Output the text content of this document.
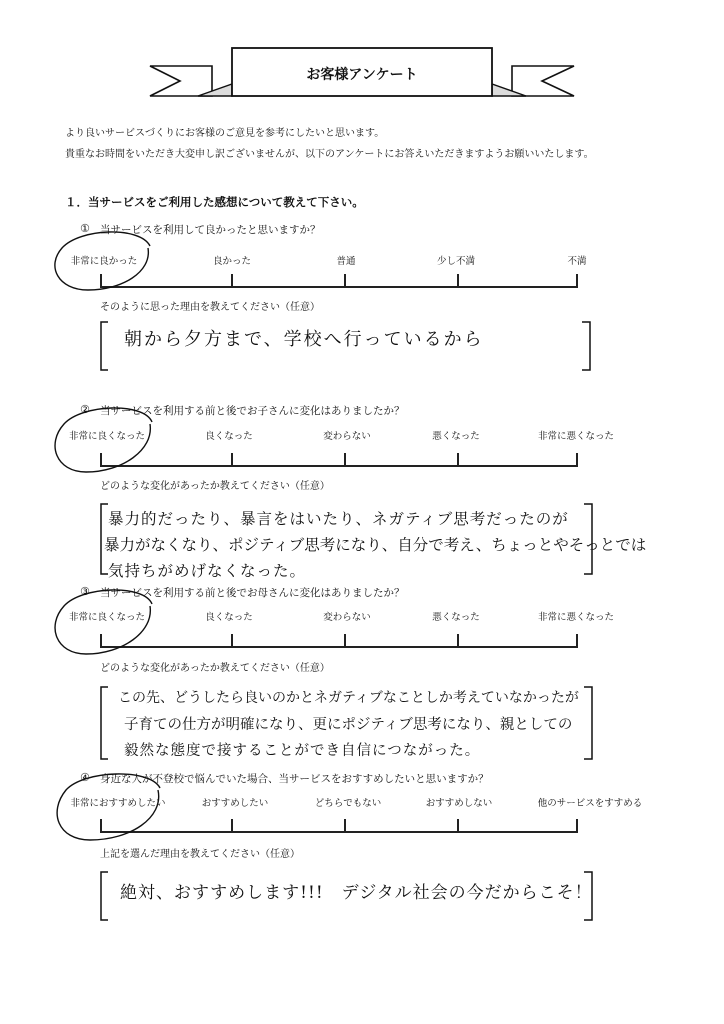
お客様アンケート
より良いサービスづくりにお客様のご意見を参考にしたいと思います。
貴重なお時間をいただき大変申し訳ございませんが、以下のアンケートにお答えいただきますようお願いいたします。
１．当サービスをご利用した感想について教えて下さい。
① 当サービスを利用して良かったと思いますか？
非常に良かった	良かった	普通	少し不満	不満
そのように思った理由を教えてください（任意）
朝から夕方まで、学校へ行っているから
② 当サービスを利用する前と後でお子さんに変化はありましたか？
非常に良くなった	良くなった	変わらない	悪くなった	非常に悪くなった
どのような変化があったか教えてください（任意）
暴力的だったり、暴言をはいたり、ネガティブ思考だったのが
暴力がなくなり、ポジティブ思考になり、自分で考え、ちょっとやそっとでは
気持ちがめげなくなった。
③ 当サービスを利用する前と後でお母さんに変化はありましたか？
非常に良くなった	良くなった	変わらない	悪くなった	非常に悪くなった
どのような変化があったか教えてください（任意）
この先、どうしたら良いのかとネガティブなことしか考えていなかったが
子育ての仕方が明確になり、更にポジティブ思考になり、親としての
毅然な態度で接することができ自信につながった。
④ 身近な人が不登校で悩んでいた場合、当サービスをおすすめしたいと思いますか？
非常におすすめしたい	おすすめしたい	どちらでもない	おすすめしない	他のサービスをすすめる
上記を選んだ理由を教えてください（任意）
絶対、おすすめします!!!　デジタル社会の今だからこそ！
